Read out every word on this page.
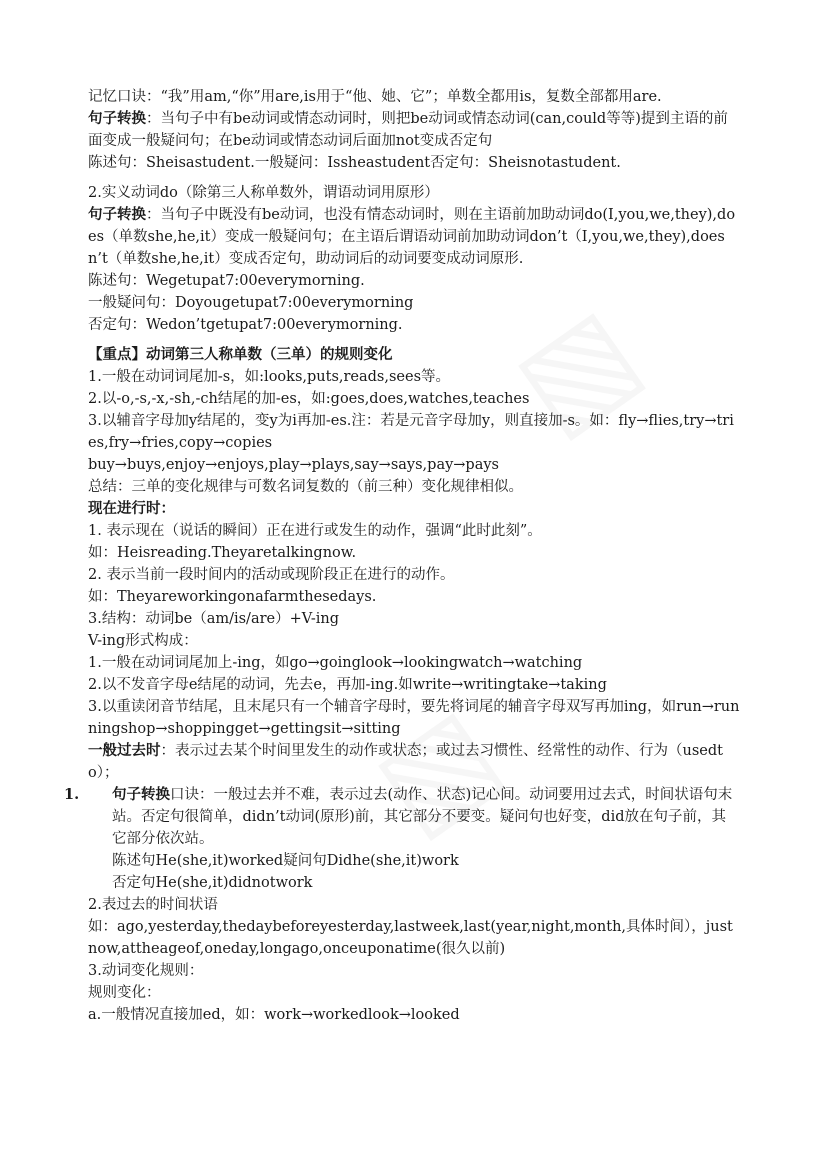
记忆口诀：“我”用am,“你”用are,is用于“他、她、它”；单数全都用is，复数全部都用are.

句子转换：当句子中有be动词或情态动词时，则把be动词或情态动词(can,could等等)提到主语的前面变成一般疑问句；在be动词或情态动词后面加not变成否定句

陈述句：Sheisastudent.一般疑问：Issheastudent否定句：Sheisnotastudent.

2.实义动词do（除第三人称单数外，谓语动词用原形）

句子转换：当句子中既没有be动词，也没有情态动词时，则在主语前加助动词do(I,you,we,they),does（单数she,he,it）变成一般疑问句；在主语后谓语动词前加助动词don’t（I,you,we,they),doesn’t（单数she,he,it）变成否定句，助动词后的动词要变成动词原形.

陈述句：Wegetupat7:00everymorning.

一般疑问句：Doyougetupat7:00everymorning

否定句：Wedon’tgetupat7:00everymorning.

【重点】动词第三人称单数（三单）的规则变化

1.一般在动词词尾加-s，如:looks,puts,reads,sees等。

2.以-o,-s,-x,-sh,-ch结尾的加-es，如:goes,does,watches,teaches

3.以辅音字母加y结尾的，变y为i再加-es.注：若是元音字母加y，则直接加-s。如：fly→flies,try→tries,fry→fries,copy→copies

buy→buys,enjoy→enjoys,play→plays,say→says,pay→pays

总结：三单的变化规律与可数名词复数的（前三种）变化规律相似。

现在进行时：

1. 表示现在（说话的瞬间）正在进行或发生的动作，强调“此时此刻”。

如：Heisreading.Theyaretalkingnow.

2. 表示当前一段时间内的活动或现阶段正在进行的动作。

如：Theyareworkingonafarmthesedays.

3.结构：动词be（am/is/are）+V-ing

V-ing形式构成：

1.一般在动词词尾加上-ing，如go→goinglook→lookingwatch→watching

2.以不发音字母e结尾的动词，先去e，再加-ing.如write→writingtake→taking

3.以重读闭音节结尾，且末尾只有一个辅音字母时，要先将词尾的辅音字母双写再加ing，如run→runningshop→shoppingget→gettingsit→sitting

一般过去时：表示过去某个时间里发生的动作或状态；或过去习惯性、经常性的动作、行为（usedto）；

1. 句子转换口诀：一般过去并不难，表示过去(动作、状态)记心间。动词要用过去式，时间状语句末站。否定句很简单，didn’t动词(原形)前，其它部分不要变。疑问句也好变，did放在句子前，其它部分依次站。

陈述句He(she,it)worked疑问句Didhe(she,it)work

否定句He(she,it)didnotwork

2.表过去的时间状语

如：ago,yesterday,thedaybeforeyesterday,lastweek,last(year,night,month,具体时间），justnow,attheageof,oneday,longago,onceuponatime(很久以前)

3.动词变化规则：

规则变化：

a.一般情况直接加ed，如：work→workedlook→looked
